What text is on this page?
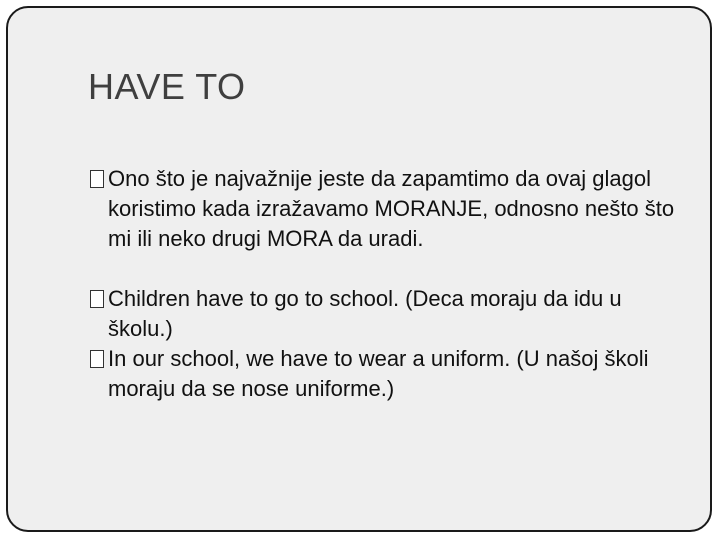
HAVE TO
Ono što je najvažnije jeste da zapamtimo da ovaj glagol koristimo kada izražavamo MORANJE, odnosno nešto što mi ili neko drugi MORA da uradi.
Children have to go to school. (Deca moraju da idu u školu.)
In our school, we have to wear a uniform. (U našoj školi moraju da se nose uniforme.)
